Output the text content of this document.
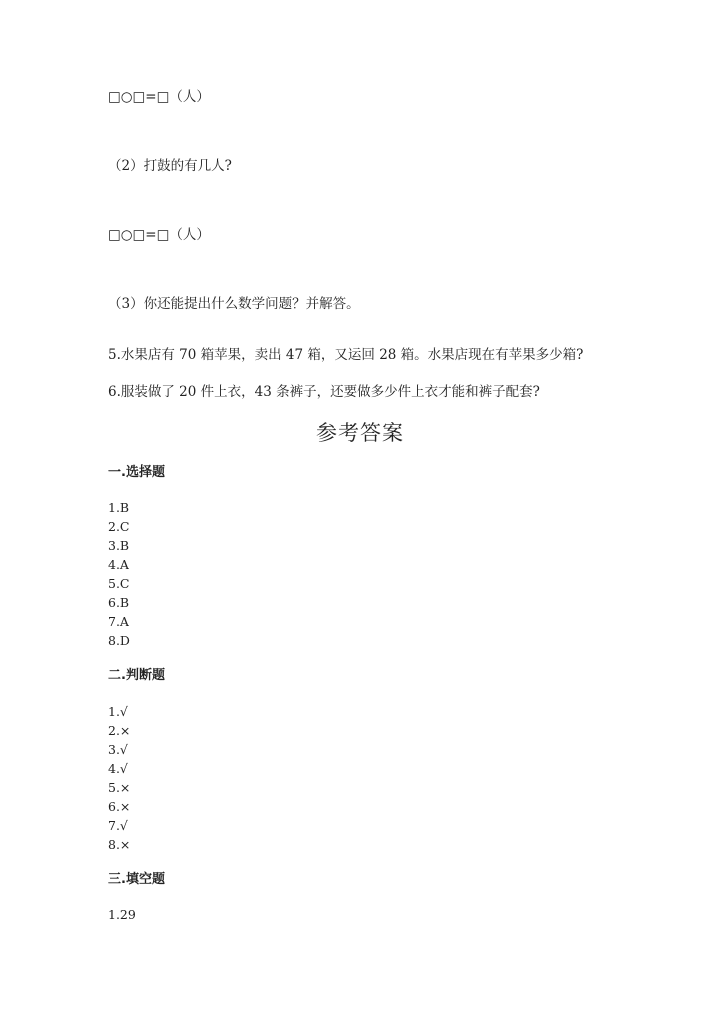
□○□=□（人）
（2）打鼓的有几人?
□○□=□（人）
（3）你还能提出什么数学问题？并解答。
5.水果店有 70 箱苹果，卖出 47 箱，又运回 28 箱。水果店现在有苹果多少箱?
6.服装做了 20 件上衣，43 条裤子，还要做多少件上衣才能和裤子配套?
参考答案
一.选择题
1.B
2.C
3.B
4.A
5.C
6.B
7.A
8.D
二.判断题
1.√
2.×
3.√
4.√
5.×
6.×
7.√
8.×
三.填空题
1.29
